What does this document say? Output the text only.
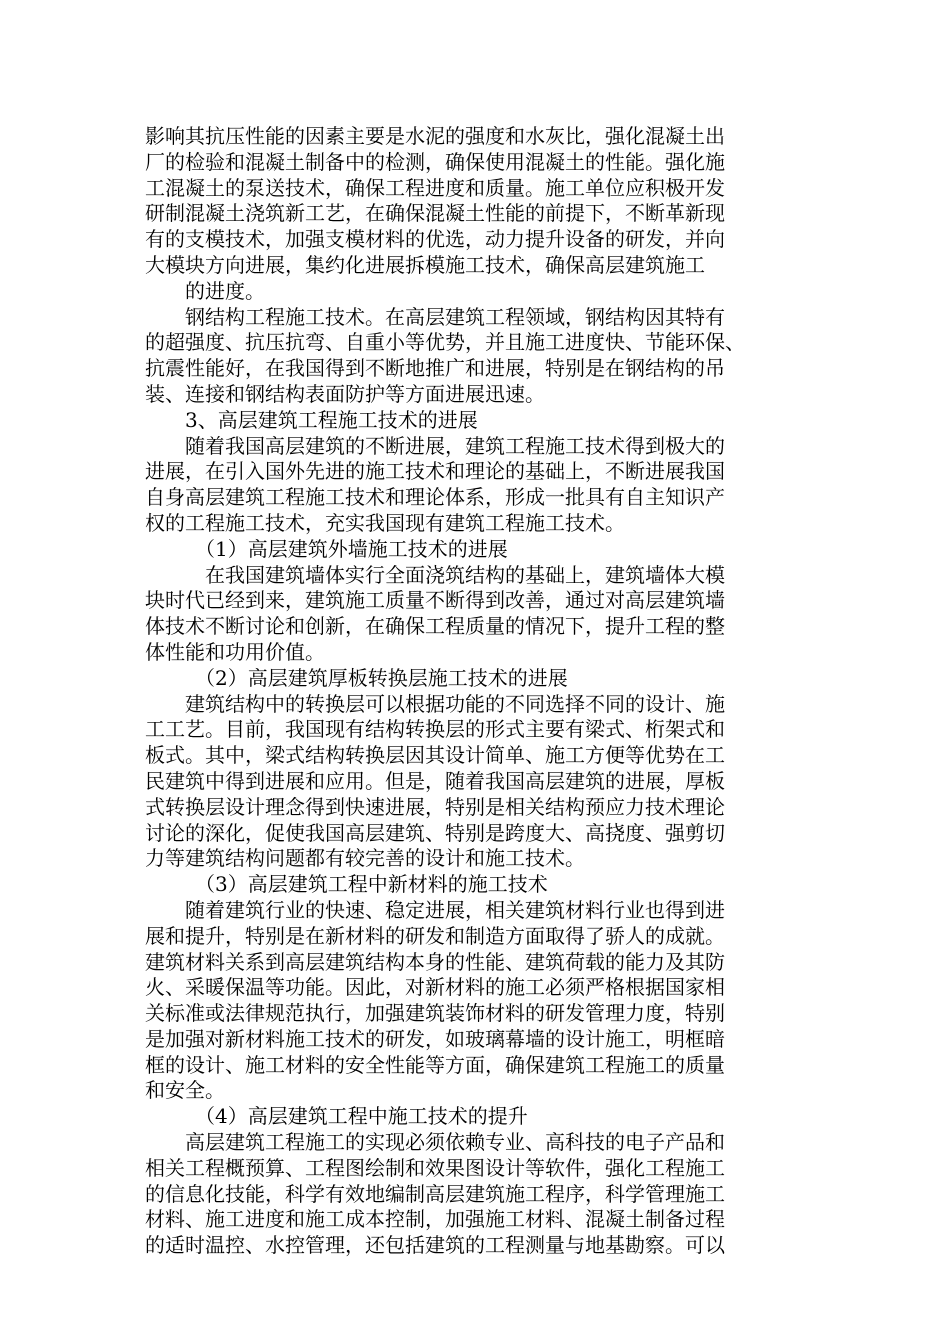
影响其抗压性能的因素主要是水泥的强度和水灰比，强化混凝土出
厂的检验和混凝土制备中的检测，确保使用混凝土的性能。强化施
工混凝土的泵送技术，确保工程进度和质量。施工单位应积极开发
研制混凝土浇筑新工艺，在确保混凝土性能的前提下，不断革新现
有的支模技术，加强支模材料的优选，动力提升设备的研发，并向
大模块方向进展，集约化进展拆模施工技术，确保高层建筑施工
的进度。
钢结构工程施工技术。在高层建筑工程领域，钢结构因其特有
的超强度、抗压抗弯、自重小等优势，并且施工进度快、节能环保、
抗震性能好，在我国得到不断地推广和进展，特别是在钢结构的吊
装、连接和钢结构表面防护等方面进展迅速。
3、高层建筑工程施工技术的进展
随着我国高层建筑的不断进展，建筑工程施工技术得到极大的
进展，在引入国外先进的施工技术和理论的基础上，不断进展我国
自身高层建筑工程施工技术和理论体系，形成一批具有自主知识产
权的工程施工技术，充实我国现有建筑工程施工技术。
（1）高层建筑外墙施工技术的进展
在我国建筑墙体实行全面浇筑结构的基础上，建筑墙体大模
块时代已经到来，建筑施工质量不断得到改善，通过对高层建筑墙
体技术不断讨论和创新，在确保工程质量的情况下，提升工程的整
体性能和功用价值。
（2）高层建筑厚板转换层施工技术的进展
建筑结构中的转换层可以根据功能的不同选择不同的设计、施
工工艺。目前，我国现有结构转换层的形式主要有梁式、桁架式和
板式。其中，梁式结构转换层因其设计简单、施工方便等优势在工
民建筑中得到进展和应用。但是，随着我国高层建筑的进展，厚板
式转换层设计理念得到快速进展，特别是相关结构预应力技术理论
讨论的深化，促使我国高层建筑、特别是跨度大、高挠度、强剪切
力等建筑结构问题都有较完善的设计和施工技术。
（3）高层建筑工程中新材料的施工技术
随着建筑行业的快速、稳定进展，相关建筑材料行业也得到进
展和提升，特别是在新材料的研发和制造方面取得了骄人的成就。
建筑材料关系到高层建筑结构本身的性能、建筑荷载的能力及其防
火、采暖保温等功能。因此，对新材料的施工必须严格根据国家相
关标准或法律规范执行，加强建筑装饰材料的研发管理力度，特别
是加强对新材料施工技术的研发，如玻璃幕墙的设计施工，明框暗
框的设计、施工材料的安全性能等方面，确保建筑工程施工的质量
和安全。
（4）高层建筑工程中施工技术的提升
高层建筑工程施工的实现必须依赖专业、高科技的电子产品和
相关工程概预算、工程图绘制和效果图设计等软件，强化工程施工
的信息化技能，科学有效地编制高层建筑施工程序，科学管理施工
材料、施工进度和施工成本控制，加强施工材料、混凝土制备过程
的适时温控、水控管理，还包括建筑的工程测量与地基勘察。可以
